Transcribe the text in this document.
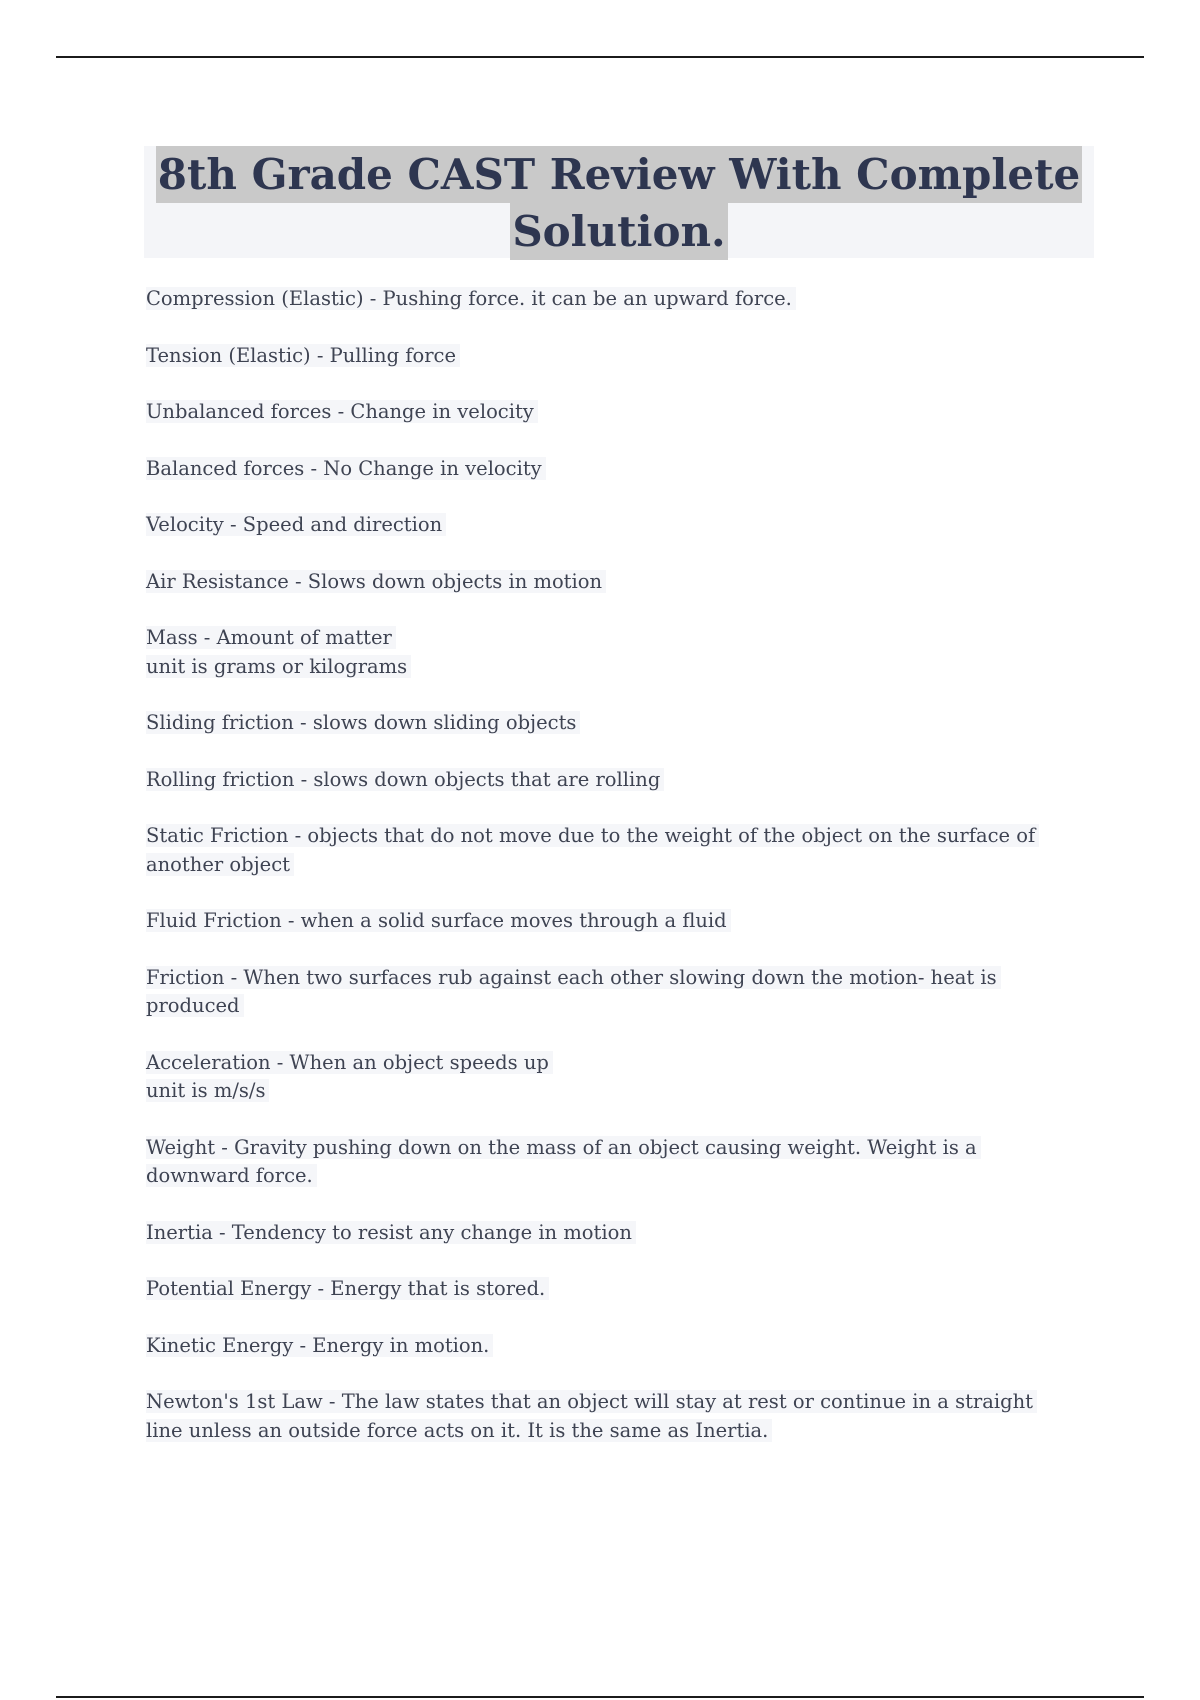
8th Grade CAST Review With Complete
Solution.
Compression (Elastic) - Pushing force. it can be an upward force.
Tension (Elastic) - Pulling force
Unbalanced forces - Change in velocity
Balanced forces - No Change in velocity
Velocity - Speed and direction
Air Resistance - Slows down objects in motion
Mass - Amount of matter
unit is grams or kilograms
Sliding friction - slows down sliding objects
Rolling friction - slows down objects that are rolling
Static Friction - objects that do not move due to the weight of the object on the surface of
another object
Fluid Friction - when a solid surface moves through a fluid
Friction - When two surfaces rub against each other slowing down the motion- heat is
produced
Acceleration - When an object speeds up
unit is m/s/s
Weight - Gravity pushing down on the mass of an object causing weight. Weight is a
downward force.
Inertia - Tendency to resist any change in motion
Potential Energy - Energy that is stored.
Kinetic Energy - Energy in motion.
Newton's 1st Law - The law states that an object will stay at rest or continue in a straight
line unless an outside force acts on it. It is the same as Inertia.
